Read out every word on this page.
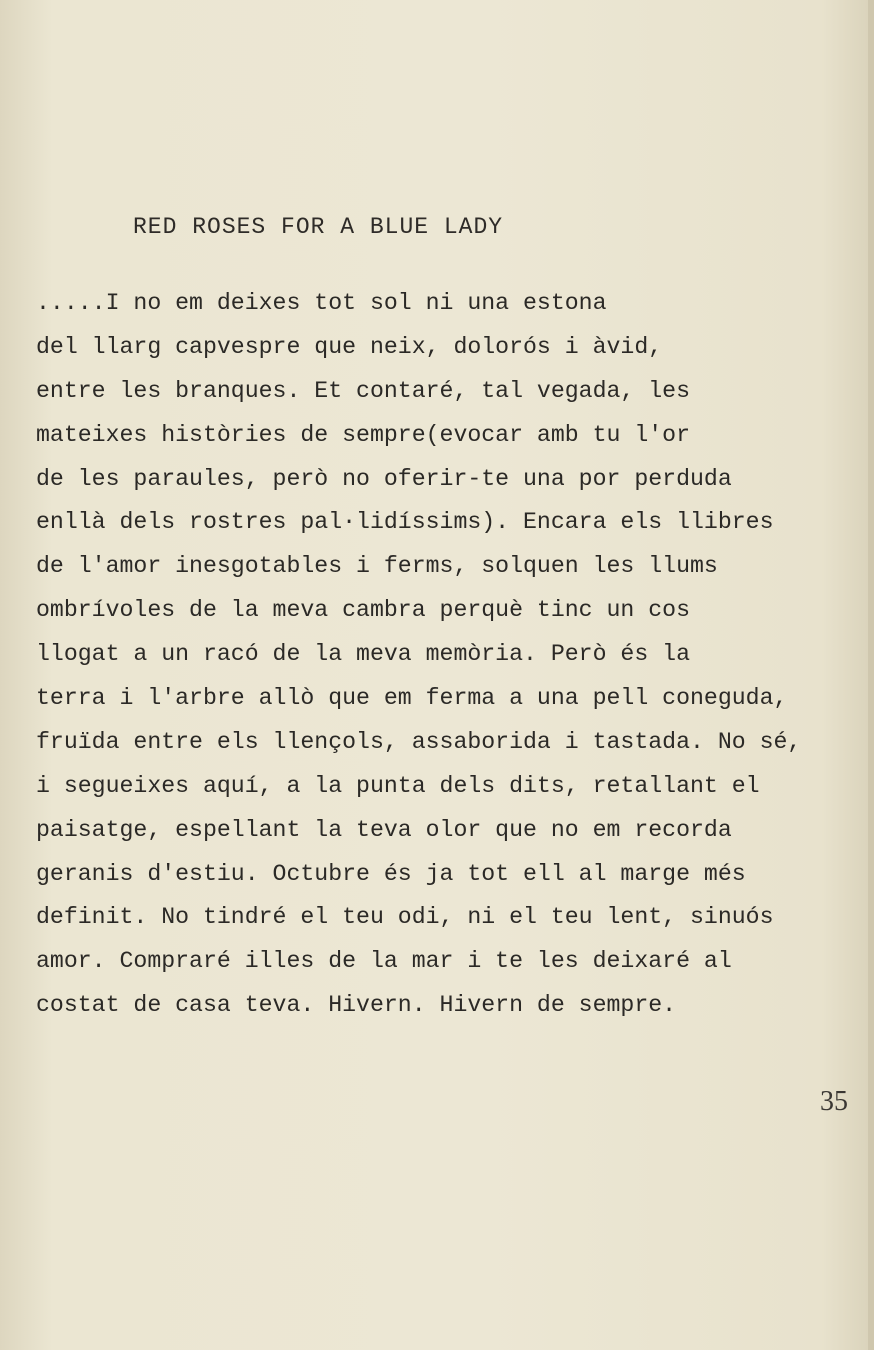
RED ROSES FOR A BLUE LADY
.....I no em deixes tot sol ni una estona
del llarg capvespre que neix, dolorós i àvid,
entre les branques. Et contaré, tal vegada, les
mateixes històries de sempre(evocar amb tu l'or
de les paraules, però no oferir-te una por perduda
enllà dels rostres pal·lidíssims). Encara els llibres
de l'amor inesgotables i ferms, solquen les llums
ombrívoles de la meva cambra perquè tinc un cos
llogat a un racó de la meva memòria. Però és la
terra i l'arbre allò que em ferma a una pell coneguda,
fruïda entre els llençols, assaborida i tastada. No sé,
i segueixes aquí, a la punta dels dits, retallant el
paisatge, espellant la teva olor que no em recorda
geranis d'estiu. Octubre és ja tot ell al marge més
definit. No tindré el teu odi, ni el teu lent, sinuós
amor. Compraré illes de la mar i te les deixaré al
costat de casa teva. Hivern. Hivern de sempre.
35
